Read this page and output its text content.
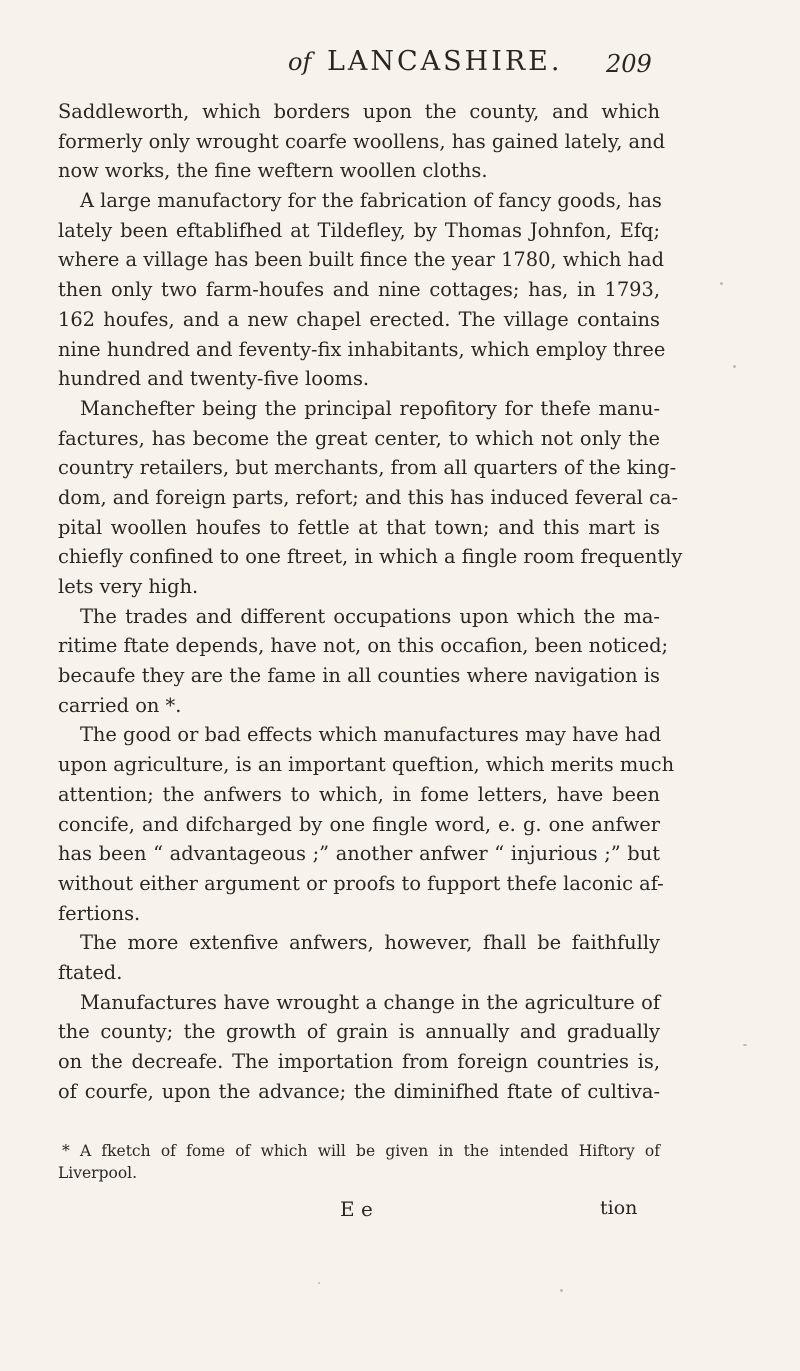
of LANCASHIRE. 209
Saddleworth, which borders upon the county, and which
formerly only wrought coarfe woollens, has gained lately, and
now works, the fine weftern woollen cloths.
A large manufactory for the fabrication of fancy goods, has
lately been eftablifhed at Tildefley, by Thomas Johnfon, Efq;
where a village has been built fince the year 1780, which had
then only two farm-houfes and nine cottages; has, in 1793,
162 houfes, and a new chapel erected. The village contains
nine hundred and feventy-fix inhabitants, which employ three
hundred and twenty-five looms.
Manchefter being the principal repofitory for thefe manu-
factures, has become the great center, to which not only the
country retailers, but merchants, from all quarters of the king-
dom, and foreign parts, refort; and this has induced feveral ca-
pital woollen houfes to fettle at that town; and this mart is
chiefly confined to one ftreet, in which a fingle room frequently
lets very high.
The trades and different occupations upon which the ma-
ritime ftate depends, have not, on this occafion, been noticed;
becaufe they are the fame in all counties where navigation is
carried on *.
The good or bad effects which manufactures may have had
upon agriculture, is an important queftion, which merits much
attention; the anfwers to which, in fome letters, have been
concife, and difcharged by one fingle word, e. g. one anfwer
has been “ advantageous ;” another anfwer “ injurious ;” but
without either argument or proofs to fupport thefe laconic af-
fertions.
The more extenfive anfwers, however, fhall be faithfully
ftated.
Manufactures have wrought a change in the agriculture of
the county; the growth of grain is annually and gradually
on the decreafe. The importation from foreign countries is,
of courfe, upon the advance; the diminifhed ftate of cultiva-
* A fketch of fome of which will be given in the intended Hiftory of
Liverpool.
E e	tion
